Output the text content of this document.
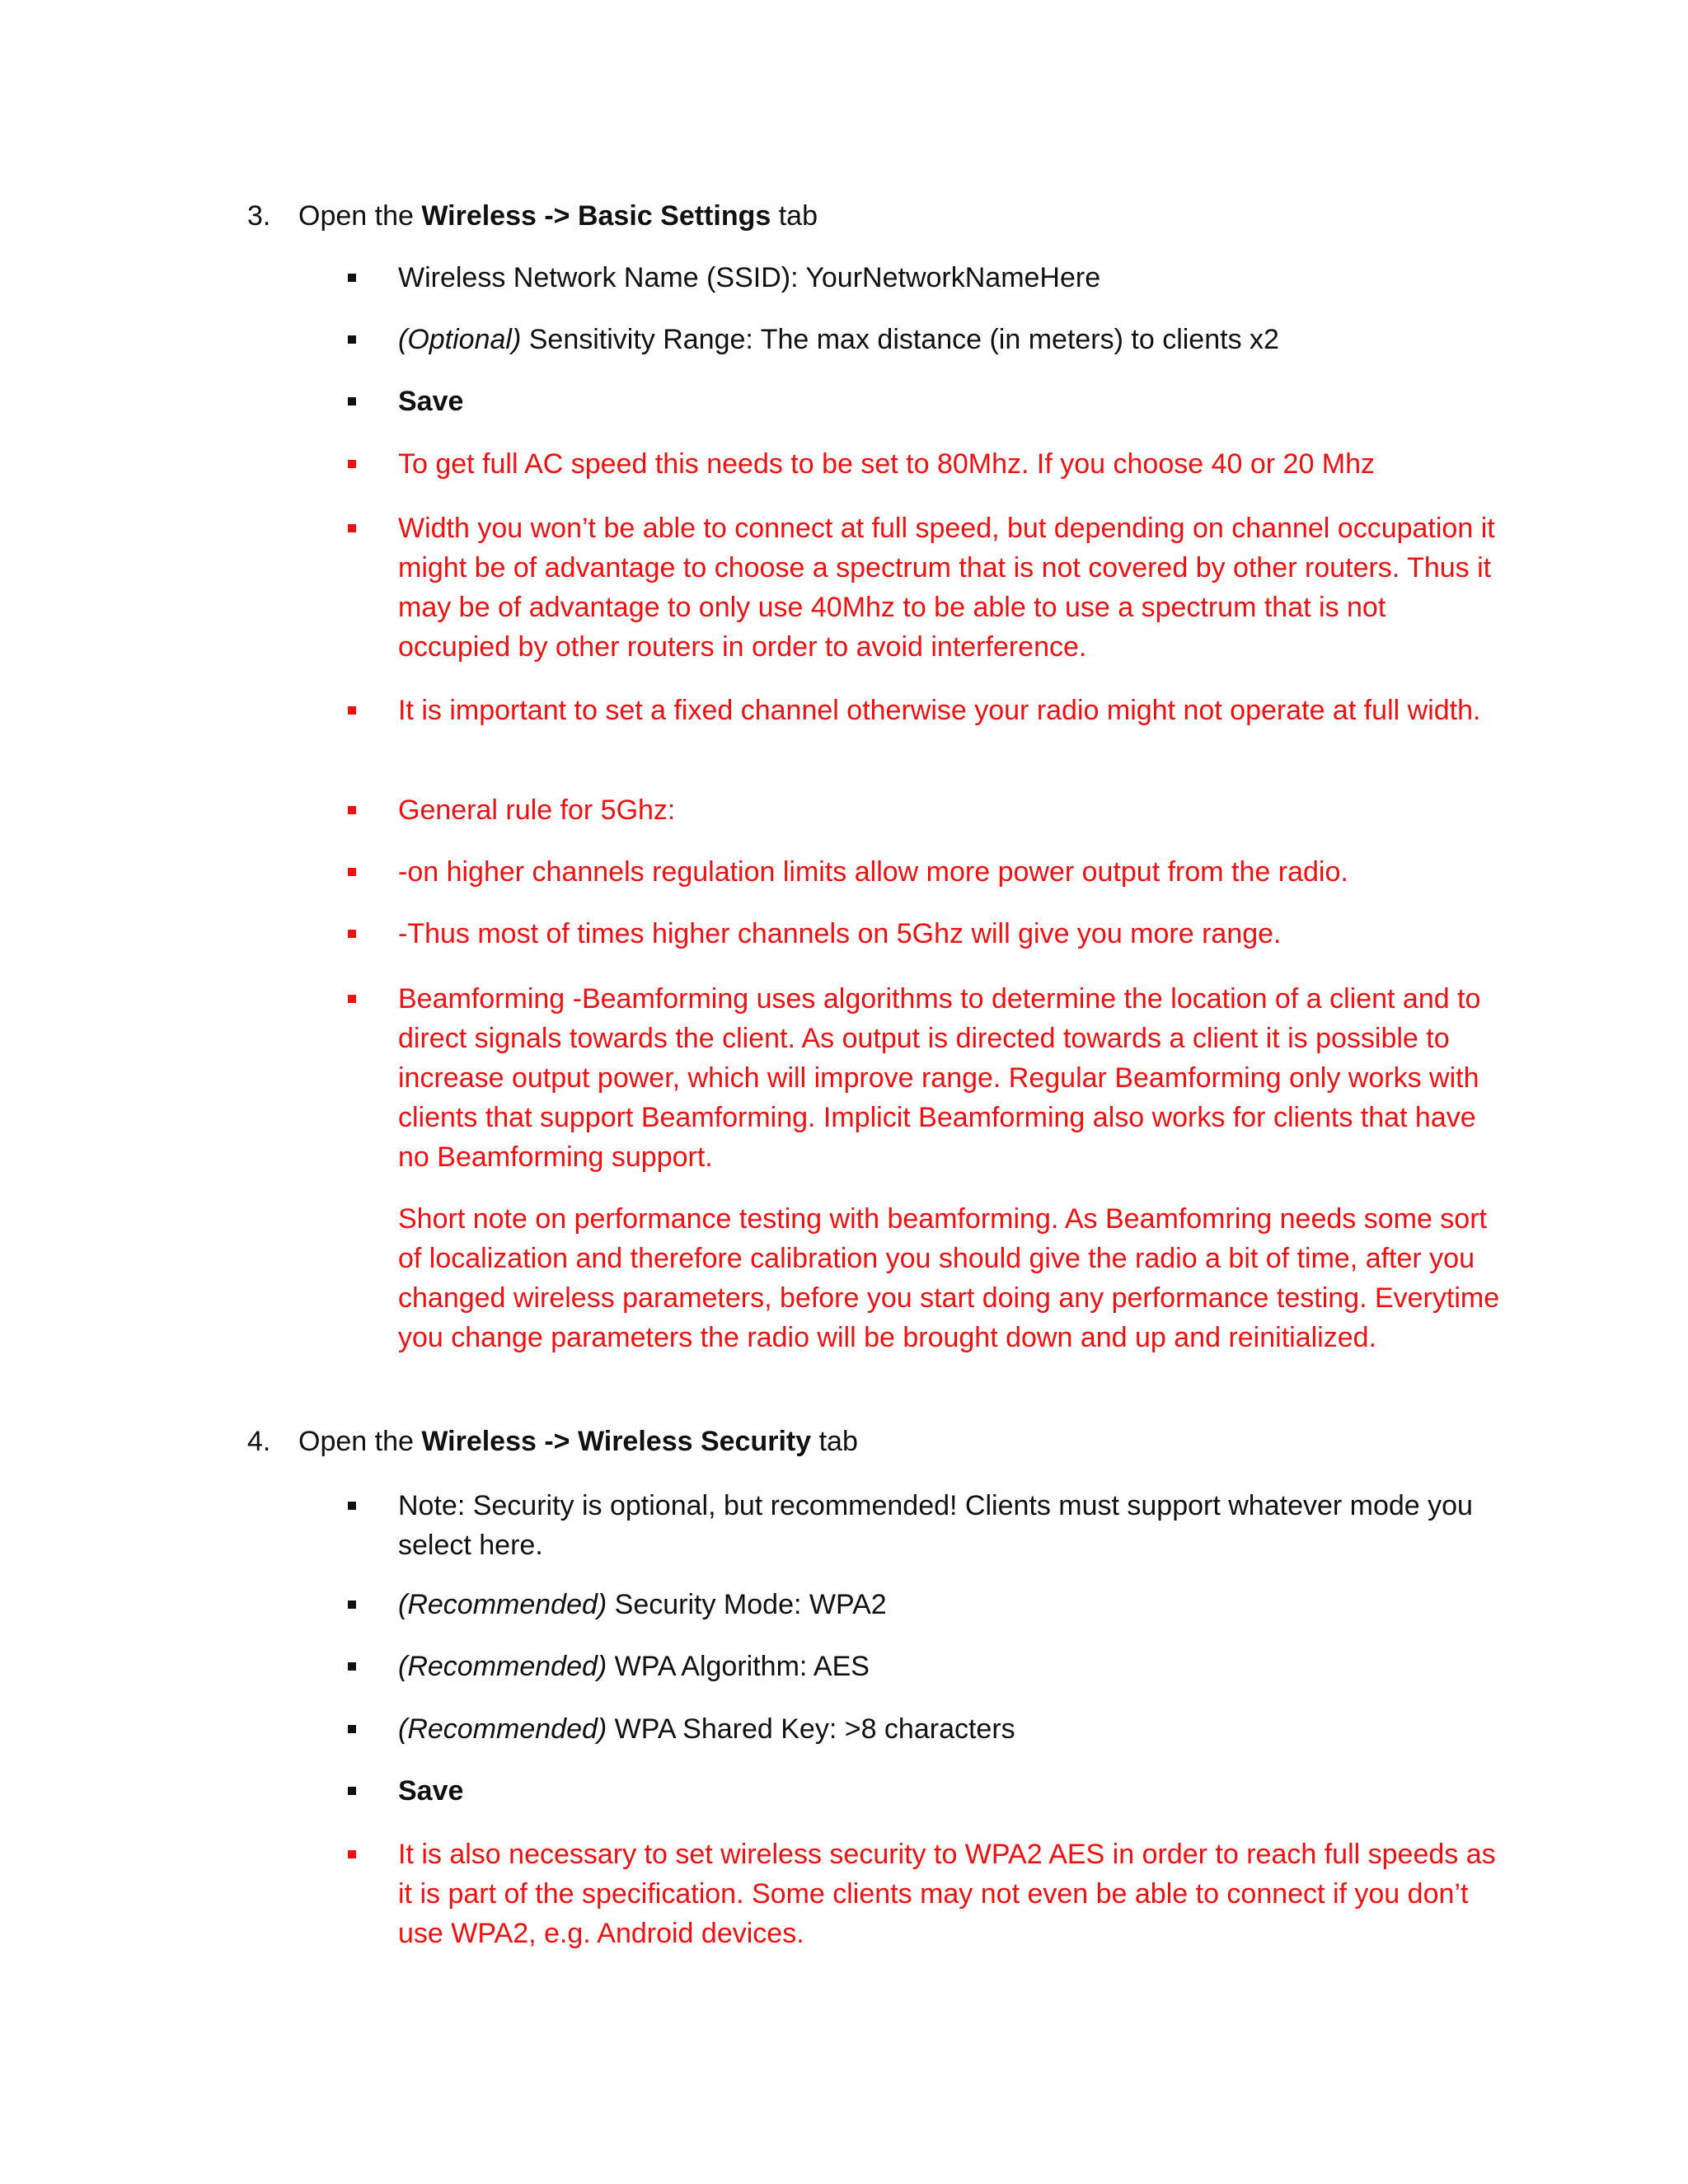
3. Open the Wireless -> Basic Settings tab
Wireless Network Name (SSID): YourNetworkNameHere
(Optional) Sensitivity Range: The max distance (in meters) to clients x2
Save
To get full AC speed this needs to be set to 80Mhz. If you choose 40 or 20 Mhz
Width you won’t be able to connect at full speed, but depending on channel occupation it might be of advantage to choose a spectrum that is not covered by other routers. Thus it may be of advantage to only use 40Mhz to be able to use a spectrum that is not occupied by other routers in order to avoid interference.
It is important to set a fixed channel otherwise your radio might not operate at full width.
General rule for 5Ghz:
-on higher channels regulation limits allow more power output from the radio.
-Thus most of times higher channels on 5Ghz will give you more range.
Beamforming -Beamforming uses algorithms to determine the location of a client and to direct signals towards the client. As output is directed towards a client it is possible to increase output power, which will improve range. Regular Beamforming only works with clients that support Beamforming. Implicit Beamforming also works for clients that have no Beamforming support.
Short note on performance testing with beamforming. As Beamfomring needs some sort of localization and therefore calibration you should give the radio a bit of time, after you changed wireless parameters, before you start doing any performance testing. Everytime you change parameters the radio will be brought down and up and reinitialized.
4. Open the Wireless -> Wireless Security tab
Note: Security is optional, but recommended! Clients must support whatever mode you select here.
(Recommended) Security Mode: WPA2
(Recommended) WPA Algorithm: AES
(Recommended) WPA Shared Key: >8 characters
Save
It is also necessary to set wireless security to WPA2 AES in order to reach full speeds as it is part of the specification. Some clients may not even be able to connect if you don’t use WPA2, e.g. Android devices.
